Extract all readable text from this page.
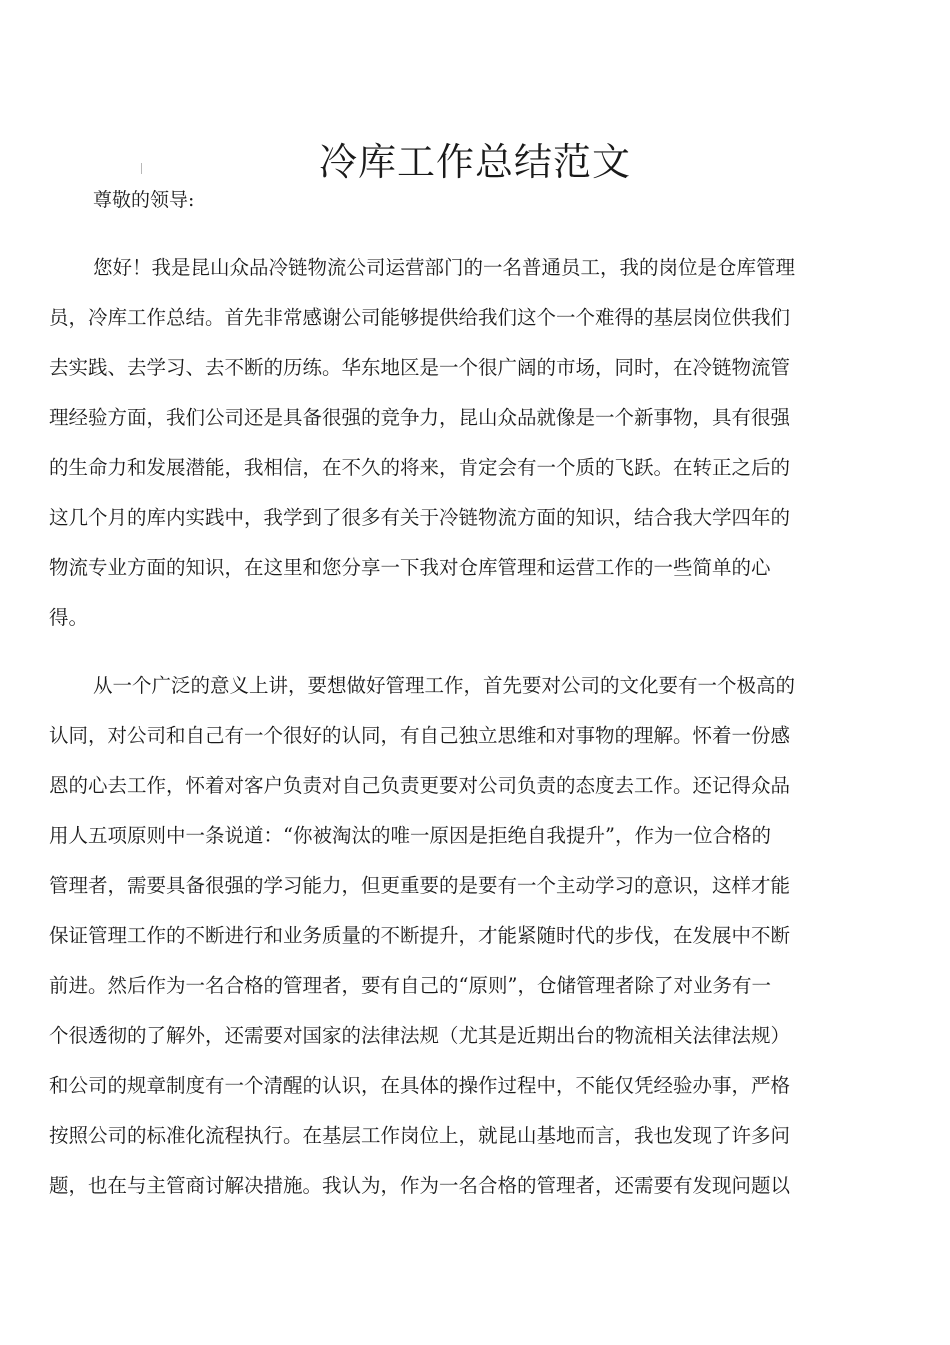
冷库工作总结范文
尊敬的领导:
您好！我是昆山众品冷链物流公司运营部门的一名普通员工，我的岗位是仓库管理
员，冷库工作总结。首先非常感谢公司能够提供给我们这个一个难得的基层岗位供我们
去实践、去学习、去不断的历练。华东地区是一个很广阔的市场，同时，在冷链物流管
理经验方面，我们公司还是具备很强的竞争力，昆山众品就像是一个新事物，具有很强
的生命力和发展潜能，我相信，在不久的将来，肯定会有一个质的飞跃。在转正之后的
这几个月的库内实践中，我学到了很多有关于冷链物流方面的知识，结合我大学四年的
物流专业方面的知识，在这里和您分享一下我对仓库管理和运营工作的一些简单的心
得。
从一个广泛的意义上讲，要想做好管理工作，首先要对公司的文化要有一个极高的
认同，对公司和自己有一个很好的认同，有自己独立思维和对事物的理解。怀着一份感
恩的心去工作，怀着对客户负责对自己负责更要对公司负责的态度去工作。还记得众品
用人五项原则中一条说道：“你被淘汰的唯一原因是拒绝自我提升”，作为一位合格的
管理者，需要具备很强的学习能力，但更重要的是要有一个主动学习的意识，这样才能
保证管理工作的不断进行和业务质量的不断提升，才能紧随时代的步伐，在发展中不断
前进。然后作为一名合格的管理者，要有自己的“原则”，仓储管理者除了对业务有一
个很透彻的了解外，还需要对国家的法律法规（尤其是近期出台的物流相关法律法规）
和公司的规章制度有一个清醒的认识，在具体的操作过程中，不能仅凭经验办事，严格
按照公司的标准化流程执行。在基层工作岗位上，就昆山基地而言，我也发现了许多问
题，也在与主管商讨解决措施。我认为，作为一名合格的管理者，还需要有发现问题以
